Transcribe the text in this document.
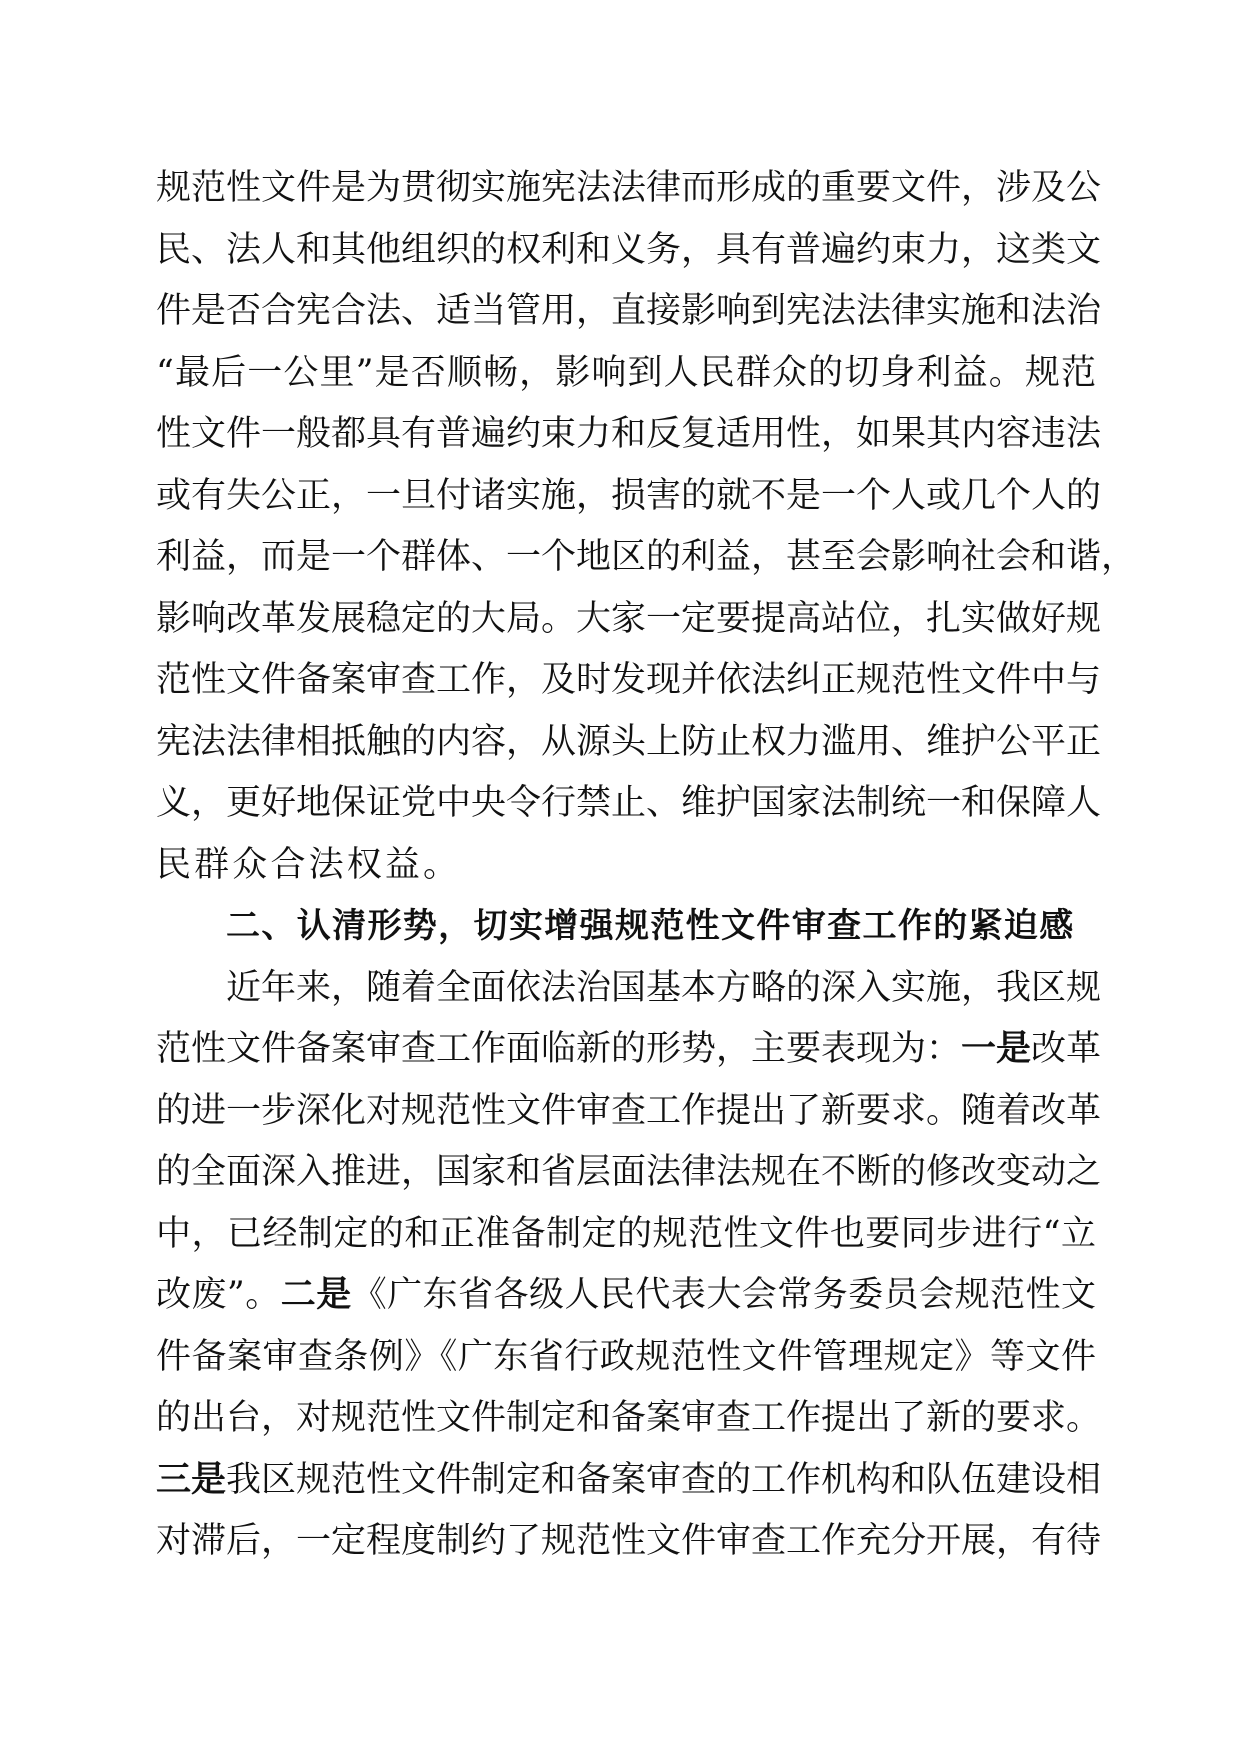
规范性文件是为贯彻实施宪法法律而形成的重要文件，涉及公
民、法人和其他组织的权利和义务，具有普遍约束力，这类文
件是否合宪合法、适当管用，直接影响到宪法法律实施和法治
“最后一公里”是否顺畅，影响到人民群众的切身利益。规范
性文件一般都具有普遍约束力和反复适用性，如果其内容违法
或有失公正，一旦付诸实施，损害的就不是一个人或几个人的
利益，而是一个群体、一个地区的利益，甚至会影响社会和谐，
影响改革发展稳定的大局。大家一定要提高站位，扎实做好规
范性文件备案审查工作，及时发现并依法纠正规范性文件中与
宪法法律相抵触的内容，从源头上防止权力滥用、维护公平正
义，更好地保证党中央令行禁止、维护国家法制统一和保障人
民群众合法权益。
二、认清形势，切实增强规范性文件审查工作的紧迫感
近年来，随着全面依法治国基本方略的深入实施，我区规
范性文件备案审查工作面临新的形势，主要表现为：一是改革
的进一步深化对规范性文件审查工作提出了新要求。随着改革
的全面深入推进，国家和省层面法律法规在不断的修改变动之
中，已经制定的和正准备制定的规范性文件也要同步进行“立
改废”。二是《广东省各级人民代表大会常务委员会规范性文
件备案审查条例》《广东省行政规范性文件管理规定》等文件
的出台，对规范性文件制定和备案审查工作提出了新的要求。
三是我区规范性文件制定和备案审查的工作机构和队伍建设相
对滞后，一定程度制约了规范性文件审查工作充分开展，有待
